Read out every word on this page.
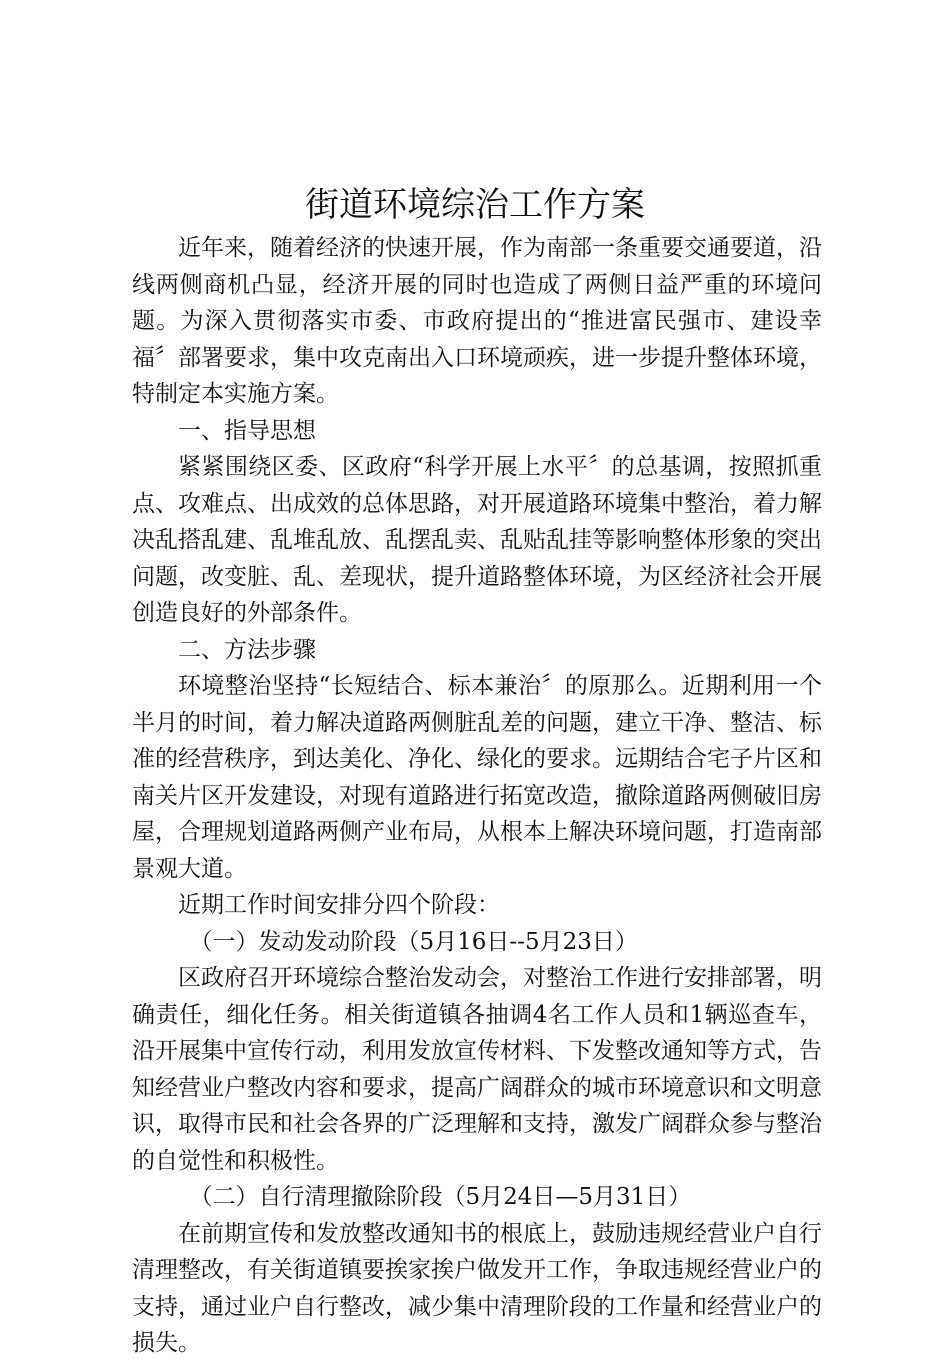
街道环境综治工作方案

近年来，随着经济的快速开展，作为南部一条重要交通要道，沿线两侧商机凸显，经济开展的同时也造成了两侧日益严重的环境问题。为深入贯彻落实市委、市政府提出的“推进富民强市、建设幸福〞部署要求，集中攻克南出入口环境顽疾，进一步提升整体环境，特制定本实施方案。

一、指导思想

紧紧围绕区委、区政府“科学开展上水平〞的总基调，按照抓重点、攻难点、出成效的总体思路，对开展道路环境集中整治，着力解决乱搭乱建、乱堆乱放、乱摆乱卖、乱贴乱挂等影响整体形象的突出问题，改变脏、乱、差现状，提升道路整体环境，为区经济社会开展创造良好的外部条件。

二、方法步骤

环境整治坚持“长短结合、标本兼治〞的原那么。近期利用一个半月的时间，着力解决道路两侧脏乱差的问题，建立干净、整洁、标准的经营秩序，到达美化、净化、绿化的要求。远期结合宅子片区和南关片区开发建设，对现有道路进行拓宽改造，撤除道路两侧破旧房屋，合理规划道路两侧产业布局，从根本上解决环境问题，打造南部景观大道。

近期工作时间安排分四个阶段：

（一）发动发动阶段（5月16日--5月23日）

区政府召开环境综合整治发动会，对整治工作进行安排部署，明确责任，细化任务。相关街道镇各抽调4名工作人员和1辆巡查车，沿开展集中宣传行动，利用发放宣传材料、下发整改通知等方式，告知经营业户整改内容和要求，提高广阔群众的城市环境意识和文明意识，取得市民和社会各界的广泛理解和支持，激发广阔群众参与整治的自觉性和积极性。

（二）自行清理撤除阶段（5月24日—5月31日）

在前期宣传和发放整改通知书的根底上，鼓励违规经营业户自行清理整改，有关街道镇要挨家挨户做发开工作，争取违规经营业户的支持，通过业户自行整改，减少集中清理阶段的工作量和经营业户的损失。
